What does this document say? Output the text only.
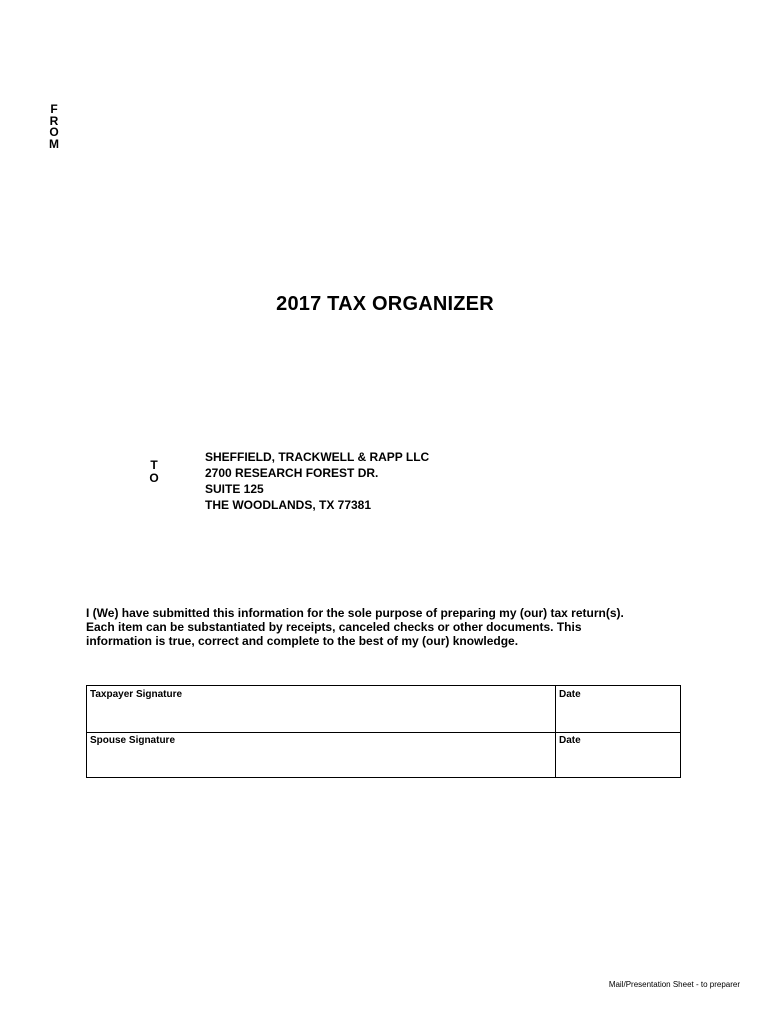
F
R
O
M
2017 TAX ORGANIZER
T
O
SHEFFIELD, TRACKWELL & RAPP LLC
2700 RESEARCH FOREST DR.
SUITE 125
THE WOODLANDS, TX 77381
I (We) have submitted this information for the sole purpose of preparing my (our) tax return(s).
Each item can be substantiated by receipts, canceled checks or other documents. This
information is true, correct and complete to the best of my (our) knowledge.
Taxpayer Signature	Date
Spouse Signature	Date
Mail/Presentation Sheet - to preparer
